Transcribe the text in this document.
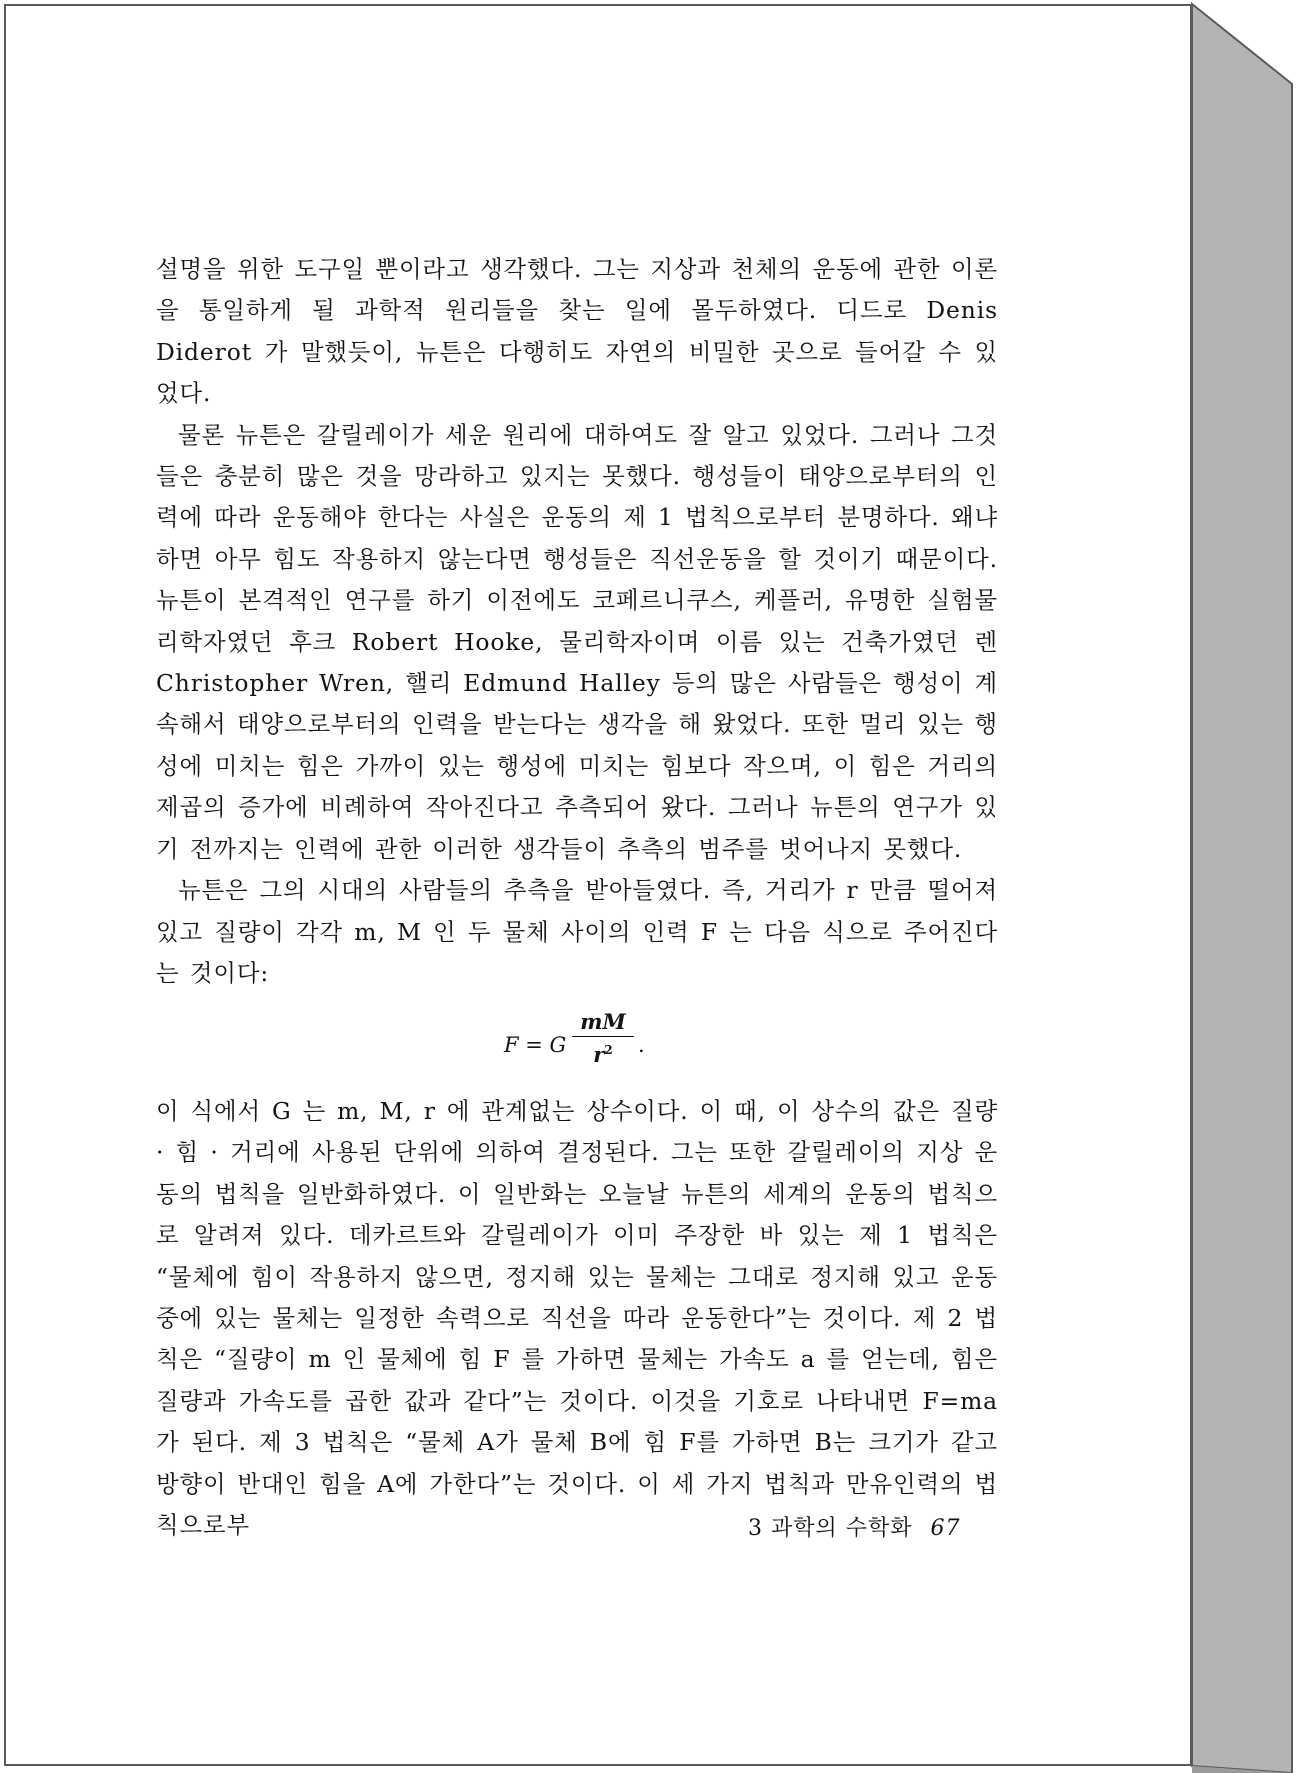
설명을 위한 도구일 뿐이라고 생각했다. 그는 지상과 천체의 운동에 관한 이론을 통일하게 될 과학적 원리들을 찾는 일에 몰두하였다. 디드로 Denis Diderot 가 말했듯이, 뉴튼은 다행히도 자연의 비밀한 곳으로 들어갈 수 있었다.

물론 뉴튼은 갈릴레이가 세운 원리에 대하여도 잘 알고 있었다. 그러나 그것들은 충분히 많은 것을 망라하고 있지는 못했다. 행성들이 태양으로부터의 인력에 따라 운동해야 한다는 사실은 운동의 제 1 법칙으로부터 분명하다. 왜냐하면 아무 힘도 작용하지 않는다면 행성들은 직선운동을 할 것이기 때문이다. 뉴튼이 본격적인 연구를 하기 이전에도 코페르니쿠스, 케플러, 유명한 실험물리학자였던 후크 Robert Hooke, 물리학자이며 이름 있는 건축가였던 렌 Christopher Wren, 핼리 Edmund Halley 등의 많은 사람들은 행성이 계속해서 태양으로부터의 인력을 받는다는 생각을 해 왔었다. 또한 멀리 있는 행성에 미치는 힘은 가까이 있는 행성에 미치는 힘보다 작으며, 이 힘은 거리의 제곱의 증가에 비례하여 작아진다고 추측되어 왔다. 그러나 뉴튼의 연구가 있기 전까지는 인력에 관한 이러한 생각들이 추측의 범주를 벗어나지 못했다.

뉴튼은 그의 시대의 사람들의 추측을 받아들였다. 즉, 거리가 r 만큼 떨어져 있고 질량이 각각 m, M 인 두 물체 사이의 인력 F 는 다음 식으로 주어진다는 것이다:

F = G
mM
$r^2$	.

이 식에서 G 는 m, M, r 에 관계없는 상수이다. 이 때, 이 상수의 값은 질량 · 힘 · 거리에 사용된 단위에 의하여 결정된다. 그는 또한 갈릴레이의 지상 운동의 법칙을 일반화하였다. 이 일반화는 오늘날 뉴튼의 세계의 운동의 법칙으로 알려져 있다. 데카르트와 갈릴레이가 이미 주장한 바 있는 제 1 법칙은 “물체에 힘이 작용하지 않으면, 정지해 있는 물체는 그대로 정지해 있고 운동 중에 있는 물체는 일정한 속력으로 직선을 따라 운동한다”는 것이다. 제 2 법칙은 “질량이 m 인 물체에 힘 F 를 가하면 물체는 가속도 a 를 얻는데, 힘은 질량과 가속도를 곱한 값과 같다”는 것이다. 이것을 기호로 나타내면 F=ma 가 된다. 제 3 법칙은 “물체 A가 물체 B에 힘 F를 가하면 B는 크기가 같고 방향이 반대인 힘을 A에 가한다”는 것이다. 이 세 가지 법칙과 만유인력의 법칙으로부	3 과학의 수학화 67
